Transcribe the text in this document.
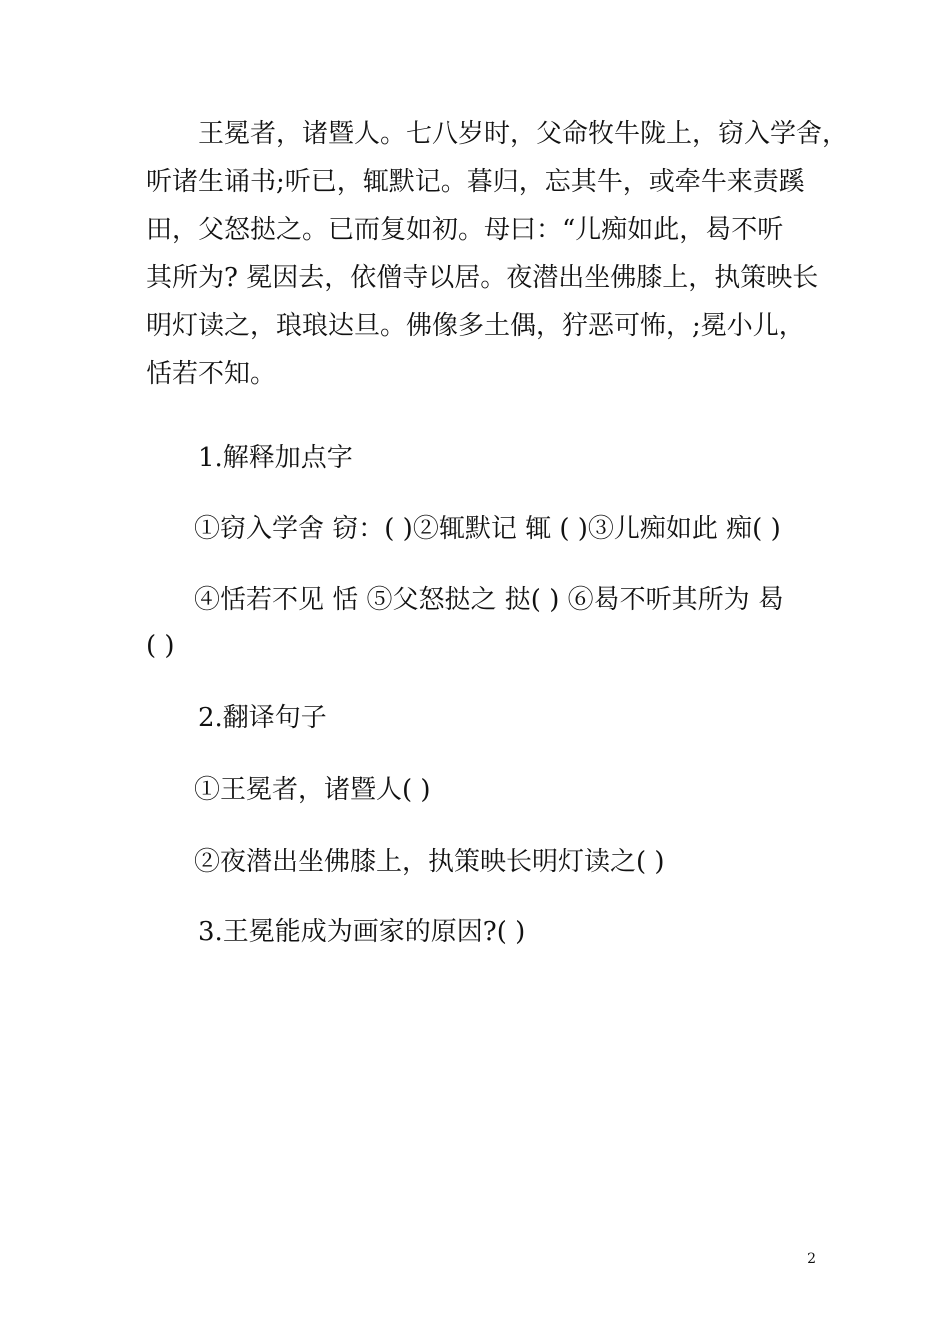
王冕者，诸暨人。七八岁时，父命牧牛陇上，窃入学舍，
听诸生诵书;听已，辄默记。暮归，忘其牛，或牵牛来责蹊
田，父怒挞之。已而复如初。母曰：“儿痴如此，曷不听
其所为? 冕因去，依僧寺以居。夜潜出坐佛膝上，执策映长
明灯读之，琅琅达旦。佛像多土偶，狞恶可怖，;冕小儿，
恬若不知。
1.解释加点字
①窃入学舍 窃：( )②辄默记 辄 ( )③儿痴如此 痴( )
④恬若不见 恬 ⑤父怒挞之 挞( ) ⑥曷不听其所为 曷
( )
2.翻译句子
①王冕者，诸暨人( )
②夜潜出坐佛膝上，执策映长明灯读之( )
3.王冕能成为画家的原因?( )
2
